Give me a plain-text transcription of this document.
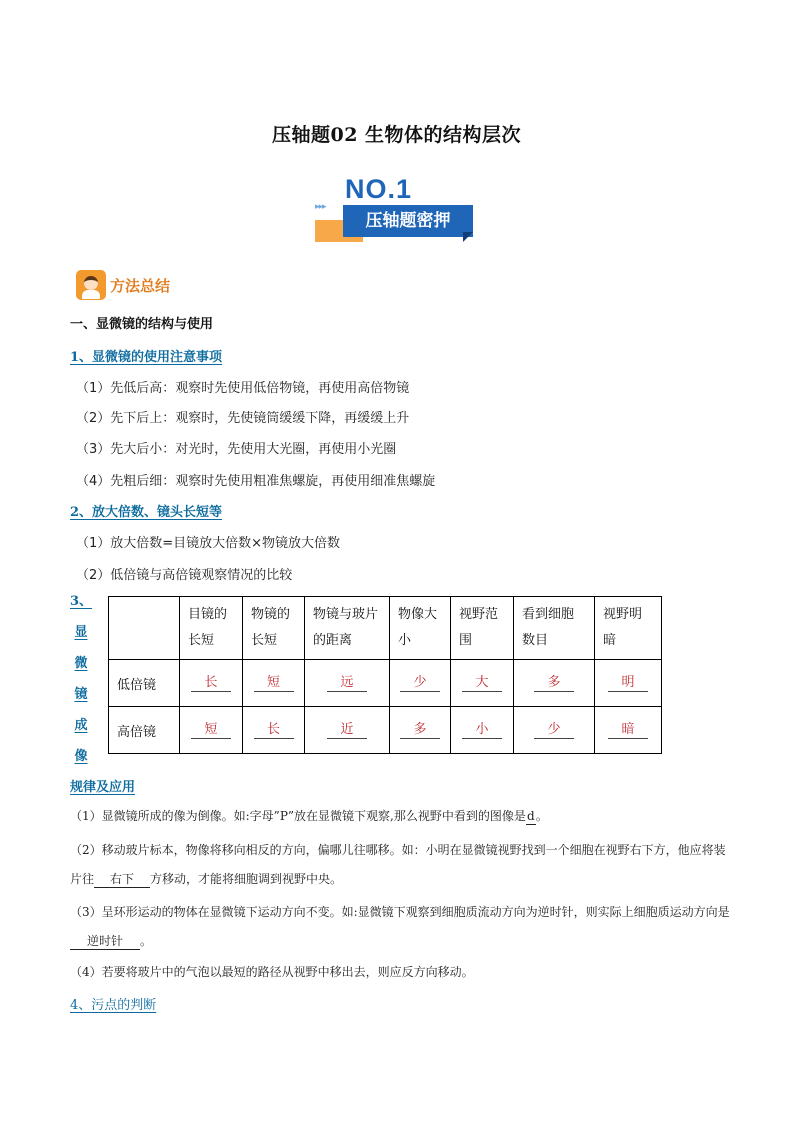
压轴题02 生物体的结构层次
▸▸▸
NO.1
压轴题密押
方法总结
一、显微镜的结构与使用
1、显微镜的使用注意事项
（1）先低后高：观察时先使用低倍物镜，再使用高倍物镜
（2）先下后上：观察时，先使镜筒缓缓下降，再缓缓上升
（3）先大后小：对光时，先使用大光圈，再使用小光圈
（4）先粗后细：观察时先使用粗准焦螺旋，再使用细准焦螺旋
2、放大倍数、镜头长短等
（1）放大倍数=目镜放大倍数×物镜放大倍数
（2）低倍镜与高倍镜观察情况的比较
3、
显
微
镜
成
像
	目镜的长短	物镜的长短	物镜与玻片的距离	物像大小	视野范围	看到细胞数目	视野明暗
低倍镜	长	短	远	少	大	多	明
高倍镜	短	长	近	多	小	少	暗
规律及应用
（1）显微镜所成的像为倒像。如:字母”P”放在显微镜下观察,那么视野中看到的图像是d。
（2）移动玻片标本，物像将移向相反的方向，偏哪儿往哪移。如：小明在显微镜视野找到一个细胞在视野右下方，他应将装片往 右下 方移动，才能将细胞调到视野中央。
（3）呈环形运动的物体在显微镜下运动方向不变。如:显微镜下观察到细胞质流动方向为逆时针，则实际上细胞质运动方向是逆时针 。
（4）若要将玻片中的气泡以最短的路径从视野中移出去，则应反方向移动。
4、污点的判断
